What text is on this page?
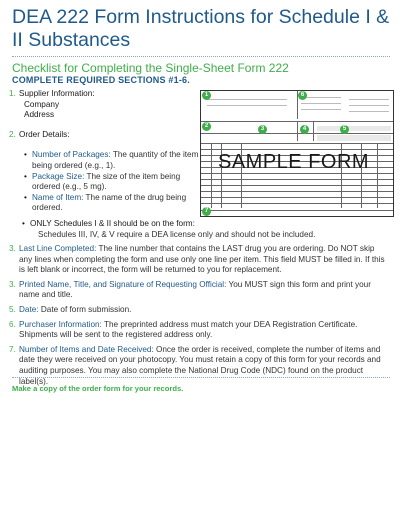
DEA 222 Form Instructions for Schedule I & II Substances
Checklist for Completing the Single-Sheet Form 222
COMPLETE REQUIRED SECTIONS #1-6.
1. Supplier Information:
Company
Address
2. Order Details:
• Number of Packages: The quantity of the item being ordered (e.g., 1).
• Package Size: The size of the item being ordered (e.g., 5 mg).
• Name of Item: The name of the drug being ordered.
1	6
2	3	4	5
7
SAMPLE FORM
• ONLY Schedules I & II should be on the form:
Schedules III, IV, & V require a DEA license only and should not be included.
3. Last Line Completed: The line number that contains the LAST drug you are ordering. Do NOT skip any lines when completing the form and use only one line per item. This field MUST be filled in. If this is left blank or incorrect, the form will be returned to you for replacement.
3. Printed Name, Title, and Signature of Requesting Official: You MUST sign this form and print your name and title.
5. Date: Date of form submission.
6. Purchaser Information: The preprinted address must match your DEA Registration Certificate. Shipments will be sent to the registered address only.
7. Number of Items and Date Received: Once the order is received, complete the number of items and date they were received on your photocopy. You must retain a copy of this form for your records and auditing purposes. You may also complete the National Drug Code (NDC) found on the product label(s).
Make a copy of the order form for your records.
